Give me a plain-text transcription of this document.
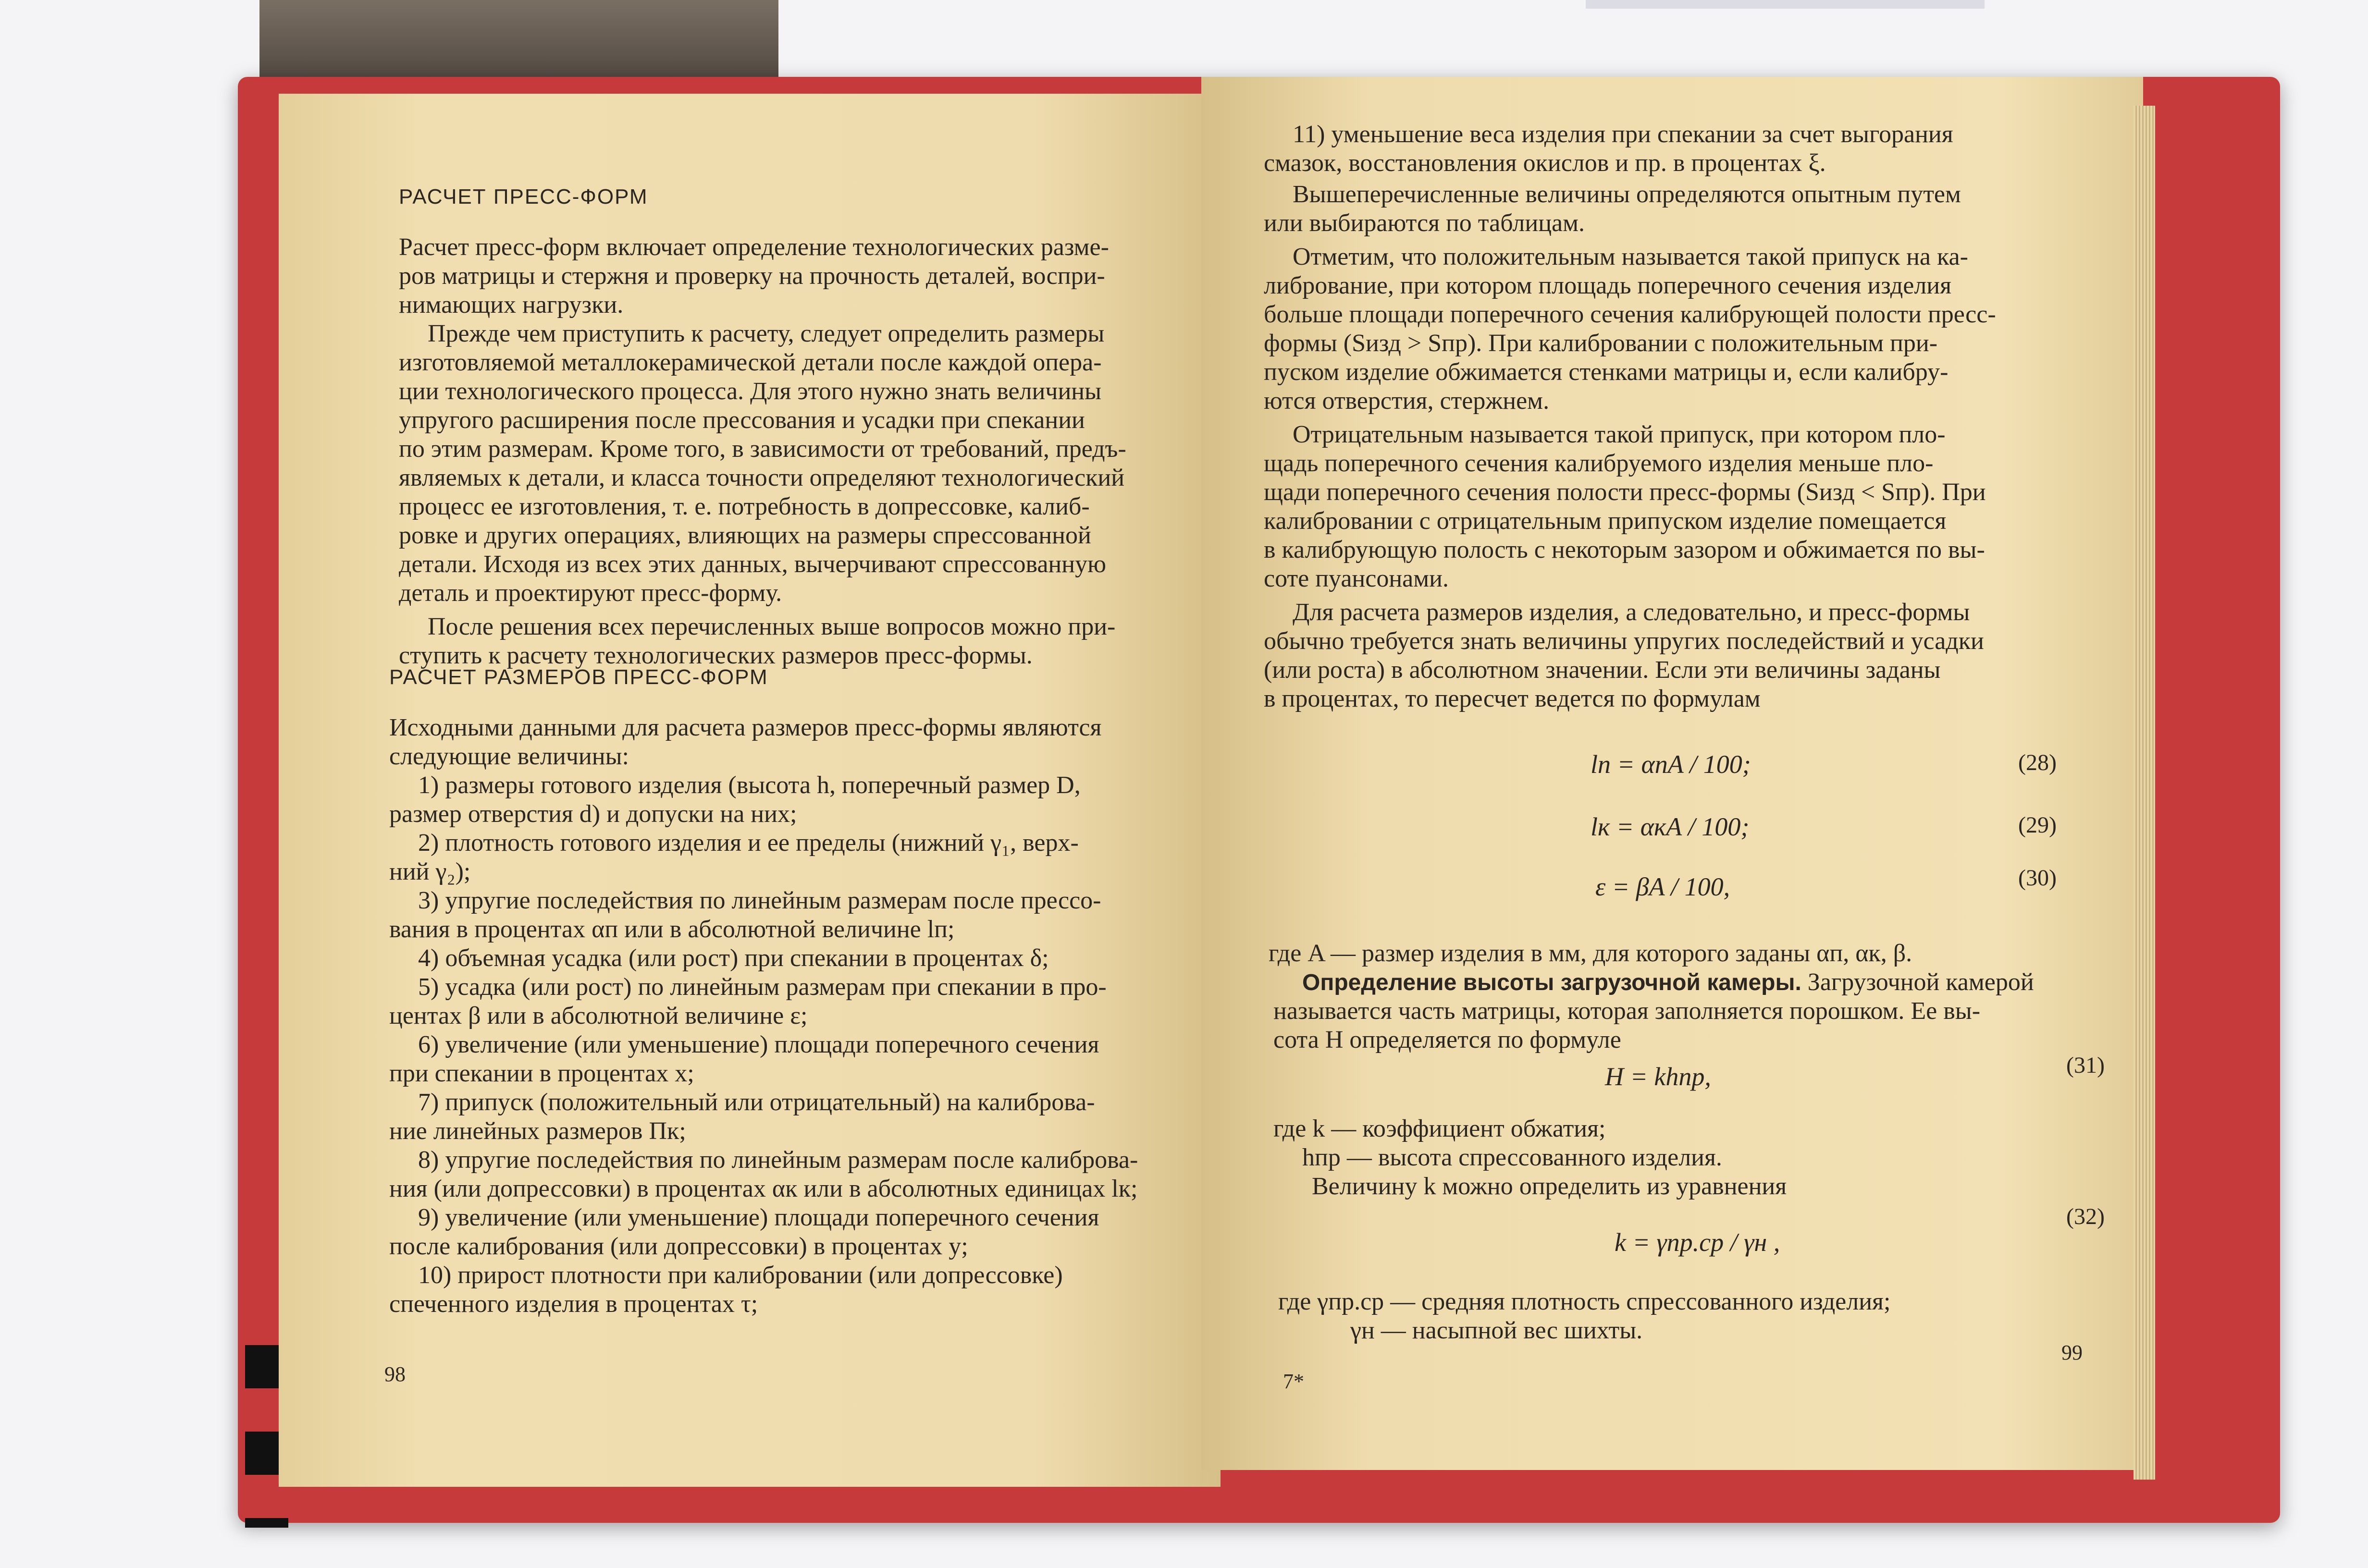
РАСЧЕТ ПРЕСС-ФОРМ
Расчет пресс-форм включает определение технологических разме-
ров матрицы и стержня и проверку на прочность деталей, воспри-
нимающих нагрузки.
Прежде чем приступить к расчету, следует определить размеры
изготовляемой металлокерамической детали после каждой опера-
ции технологического процесса. Для этого нужно знать величины
упругого расширения после прессования и усадки при спекании
по этим размерам. Кроме того, в зависимости от требований, предъ-
являемых к детали, и класса точности определяют технологический
процесс ее изготовления, т. е. потребность в допрессовке, калиб-
ровке и других операциях, влияющих на размеры спрессованной
детали. Исходя из всех этих данных, вычерчивают спрессованную
деталь и проектируют пресс-форму.
После решения всех перечисленных выше вопросов можно при-
ступить к расчету технологических размеров пресс-формы.
РАСЧЕТ РАЗМЕРОВ ПРЕСС-ФОРМ
Исходными данными для расчета размеров пресс-формы являются
следующие величины:
1) размеры готового изделия (высота h, поперечный размер D,
размер отверстия d) и допуски на них;
2) плотность готового изделия и ее пределы (нижний γ₁, верх-
ний γ₂);
3) упругие последействия по линейным размерам после прессо-
вания в процентах αп или в абсолютной величине lп;
4) объемная усадка (или рост) при спекании в процентах δ;
5) усадка (или рост) по линейным размерам при спекании в про-
центах β или в абсолютной величине ε;
6) увеличение (или уменьшение) площади поперечного сечения
при спекании в процентах x;
7) припуск (положительный или отрицательный) на калиброва-
ние линейных размеров Пк;
8) упругие последействия по линейным размерам после калиброва-
ния (или допрессовки) в процентах αк или в абсолютных единицах lк;
9) увеличение (или уменьшение) площади поперечного сечения
после калибрования (или допрессовки) в процентах y;
10) прирост плотности при калибровании (или допрессовке)
спеченного изделия в процентах τ;
98
11) уменьшение веса изделия при спекании за счет выгорания
смазок, восстановления окислов и пр. в процентах ξ.
Вышеперечисленные величины определяются опытным путем
или выбираются по таблицам.
Отметим, что положительным называется такой припуск на ка-
либрование, при котором площадь поперечного сечения изделия
больше площади поперечного сечения калибрующей полости пресс-
формы (Sизд > Sпр). При калибровании с положительным при-
пуском изделие обжимается стенками матрицы и, если калибру-
ются отверстия, стержнем.
Отрицательным называется такой припуск, при котором пло-
щадь поперечного сечения калибруемого изделия меньше пло-
щади поперечного сечения полости пресс-формы (Sизд < Sпр). При
калибровании с отрицательным припуском изделие помещается
в калибрующую полость с некоторым зазором и обжимается по вы-
соте пуансонами.
Для расчета размеров изделия, а следовательно, и пресс-формы
обычно требуется знать величины упругих последействий и усадки
(или роста) в абсолютном значении. Если эти величины заданы
в процентах, то пересчет ведется по формулам
lп = αпA / 100;	(28)
lк = αкA / 100;	(29)
ε = βA / 100,	(30)
где A — размер изделия в мм, для которого заданы αп, αк, β.
Определение высоты загрузочной камеры. Загрузочной камерой
называется часть матрицы, которая заполняется порошком. Ее вы-
сота H определяется по формуле
H = khпр,	(31)
где k — коэффициент обжатия;
hпр — высота спрессованного изделия.
Величину k можно определить из уравнения
k = γпр.ср / γн ,
(32)
где γпр.ср — средняя плотность спрессованного изделия;
γн — насыпной вес шихты.
7*
99
